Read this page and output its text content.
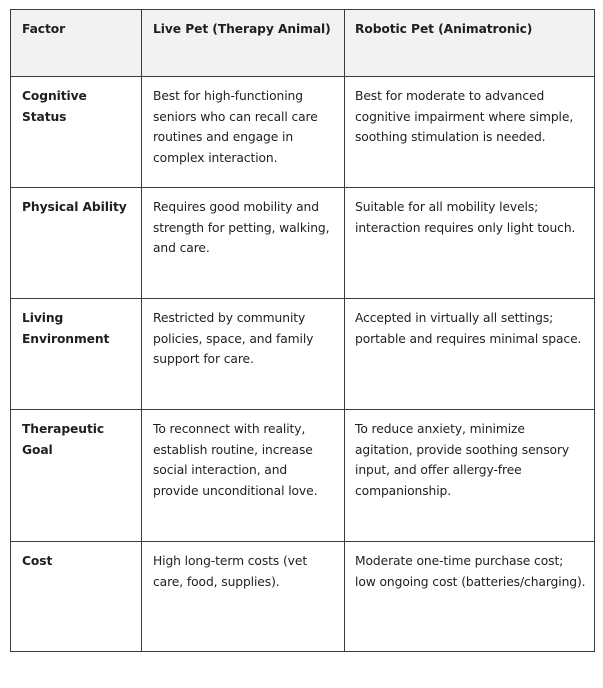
Factor	Live Pet (Therapy Animal)	Robotic Pet (Animatronic)
Cognitive Status	Best for high-functioning seniors who can recall care routines and engage in complex interaction.	Best for moderate to advanced cognitive impairment where simple, soothing stimulation is needed.
Physical Ability	Requires good mobility and strength for petting, walking, and care.	Suitable for all mobility levels; interaction requires only light touch.
Living Environment	Restricted by community policies, space, and family support for care.	Accepted in virtually all settings; portable and requires minimal space.
Therapeutic Goal	To reconnect with reality, establish routine, increase social interaction, and provide unconditional love.	To reduce anxiety, minimize agitation, provide soothing sensory input, and offer allergy-free companionship.
Cost	High long-term costs (vet care, food, supplies).	Moderate one-time purchase cost; low ongoing cost (batteries/charging).
